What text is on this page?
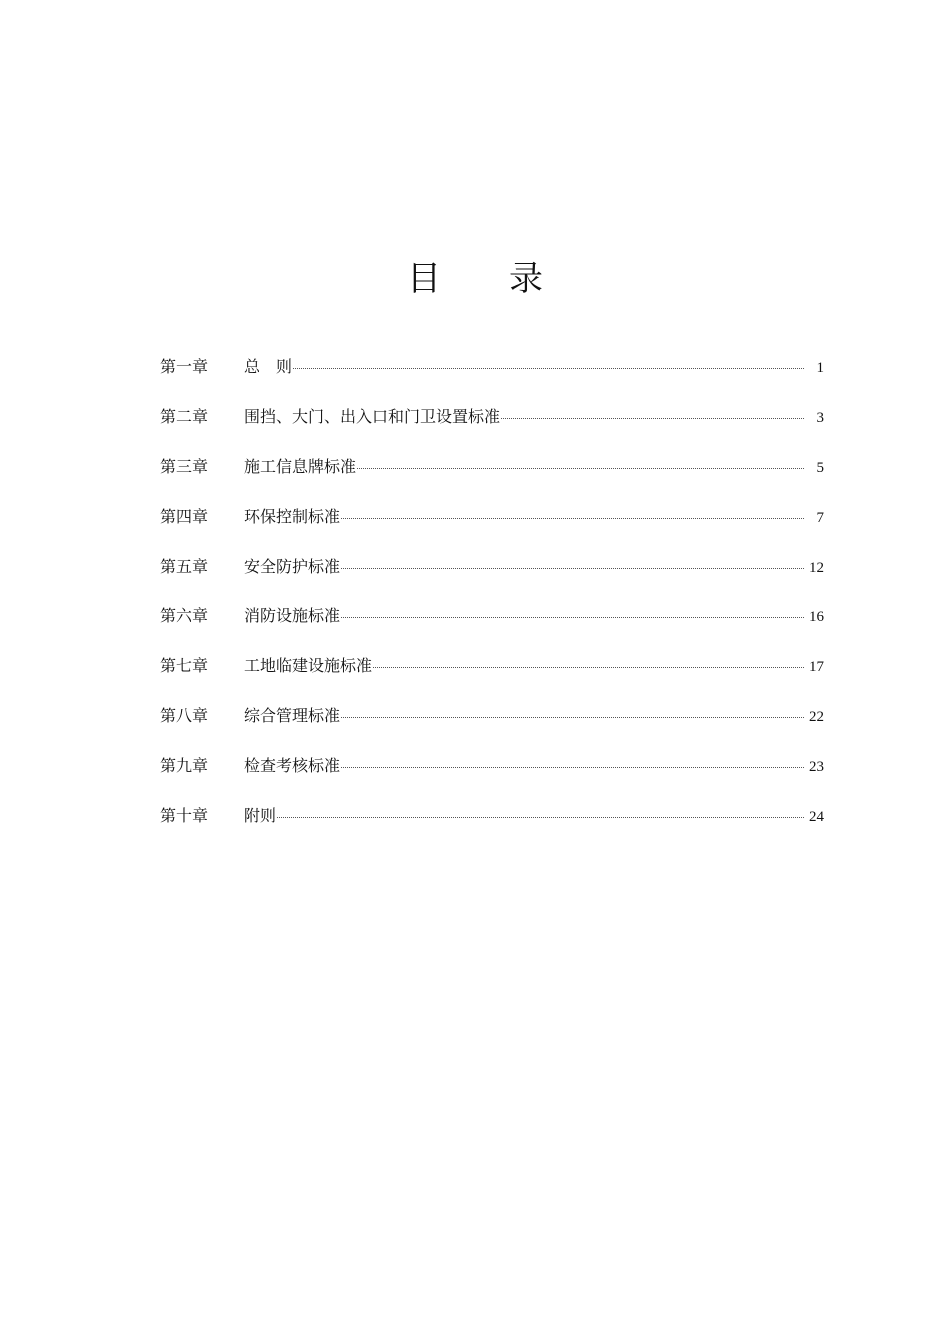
目录
第一章	总　则	1
第二章	围挡、大门、出入口和门卫设置标准	3
第三章	施工信息牌标准	5
第四章	环保控制标准	7
第五章	安全防护标准	12
第六章	消防设施标准	16
第七章	工地临建设施标准	17
第八章	综合管理标准	22
第九章	检查考核标准	23
第十章	附则	24
